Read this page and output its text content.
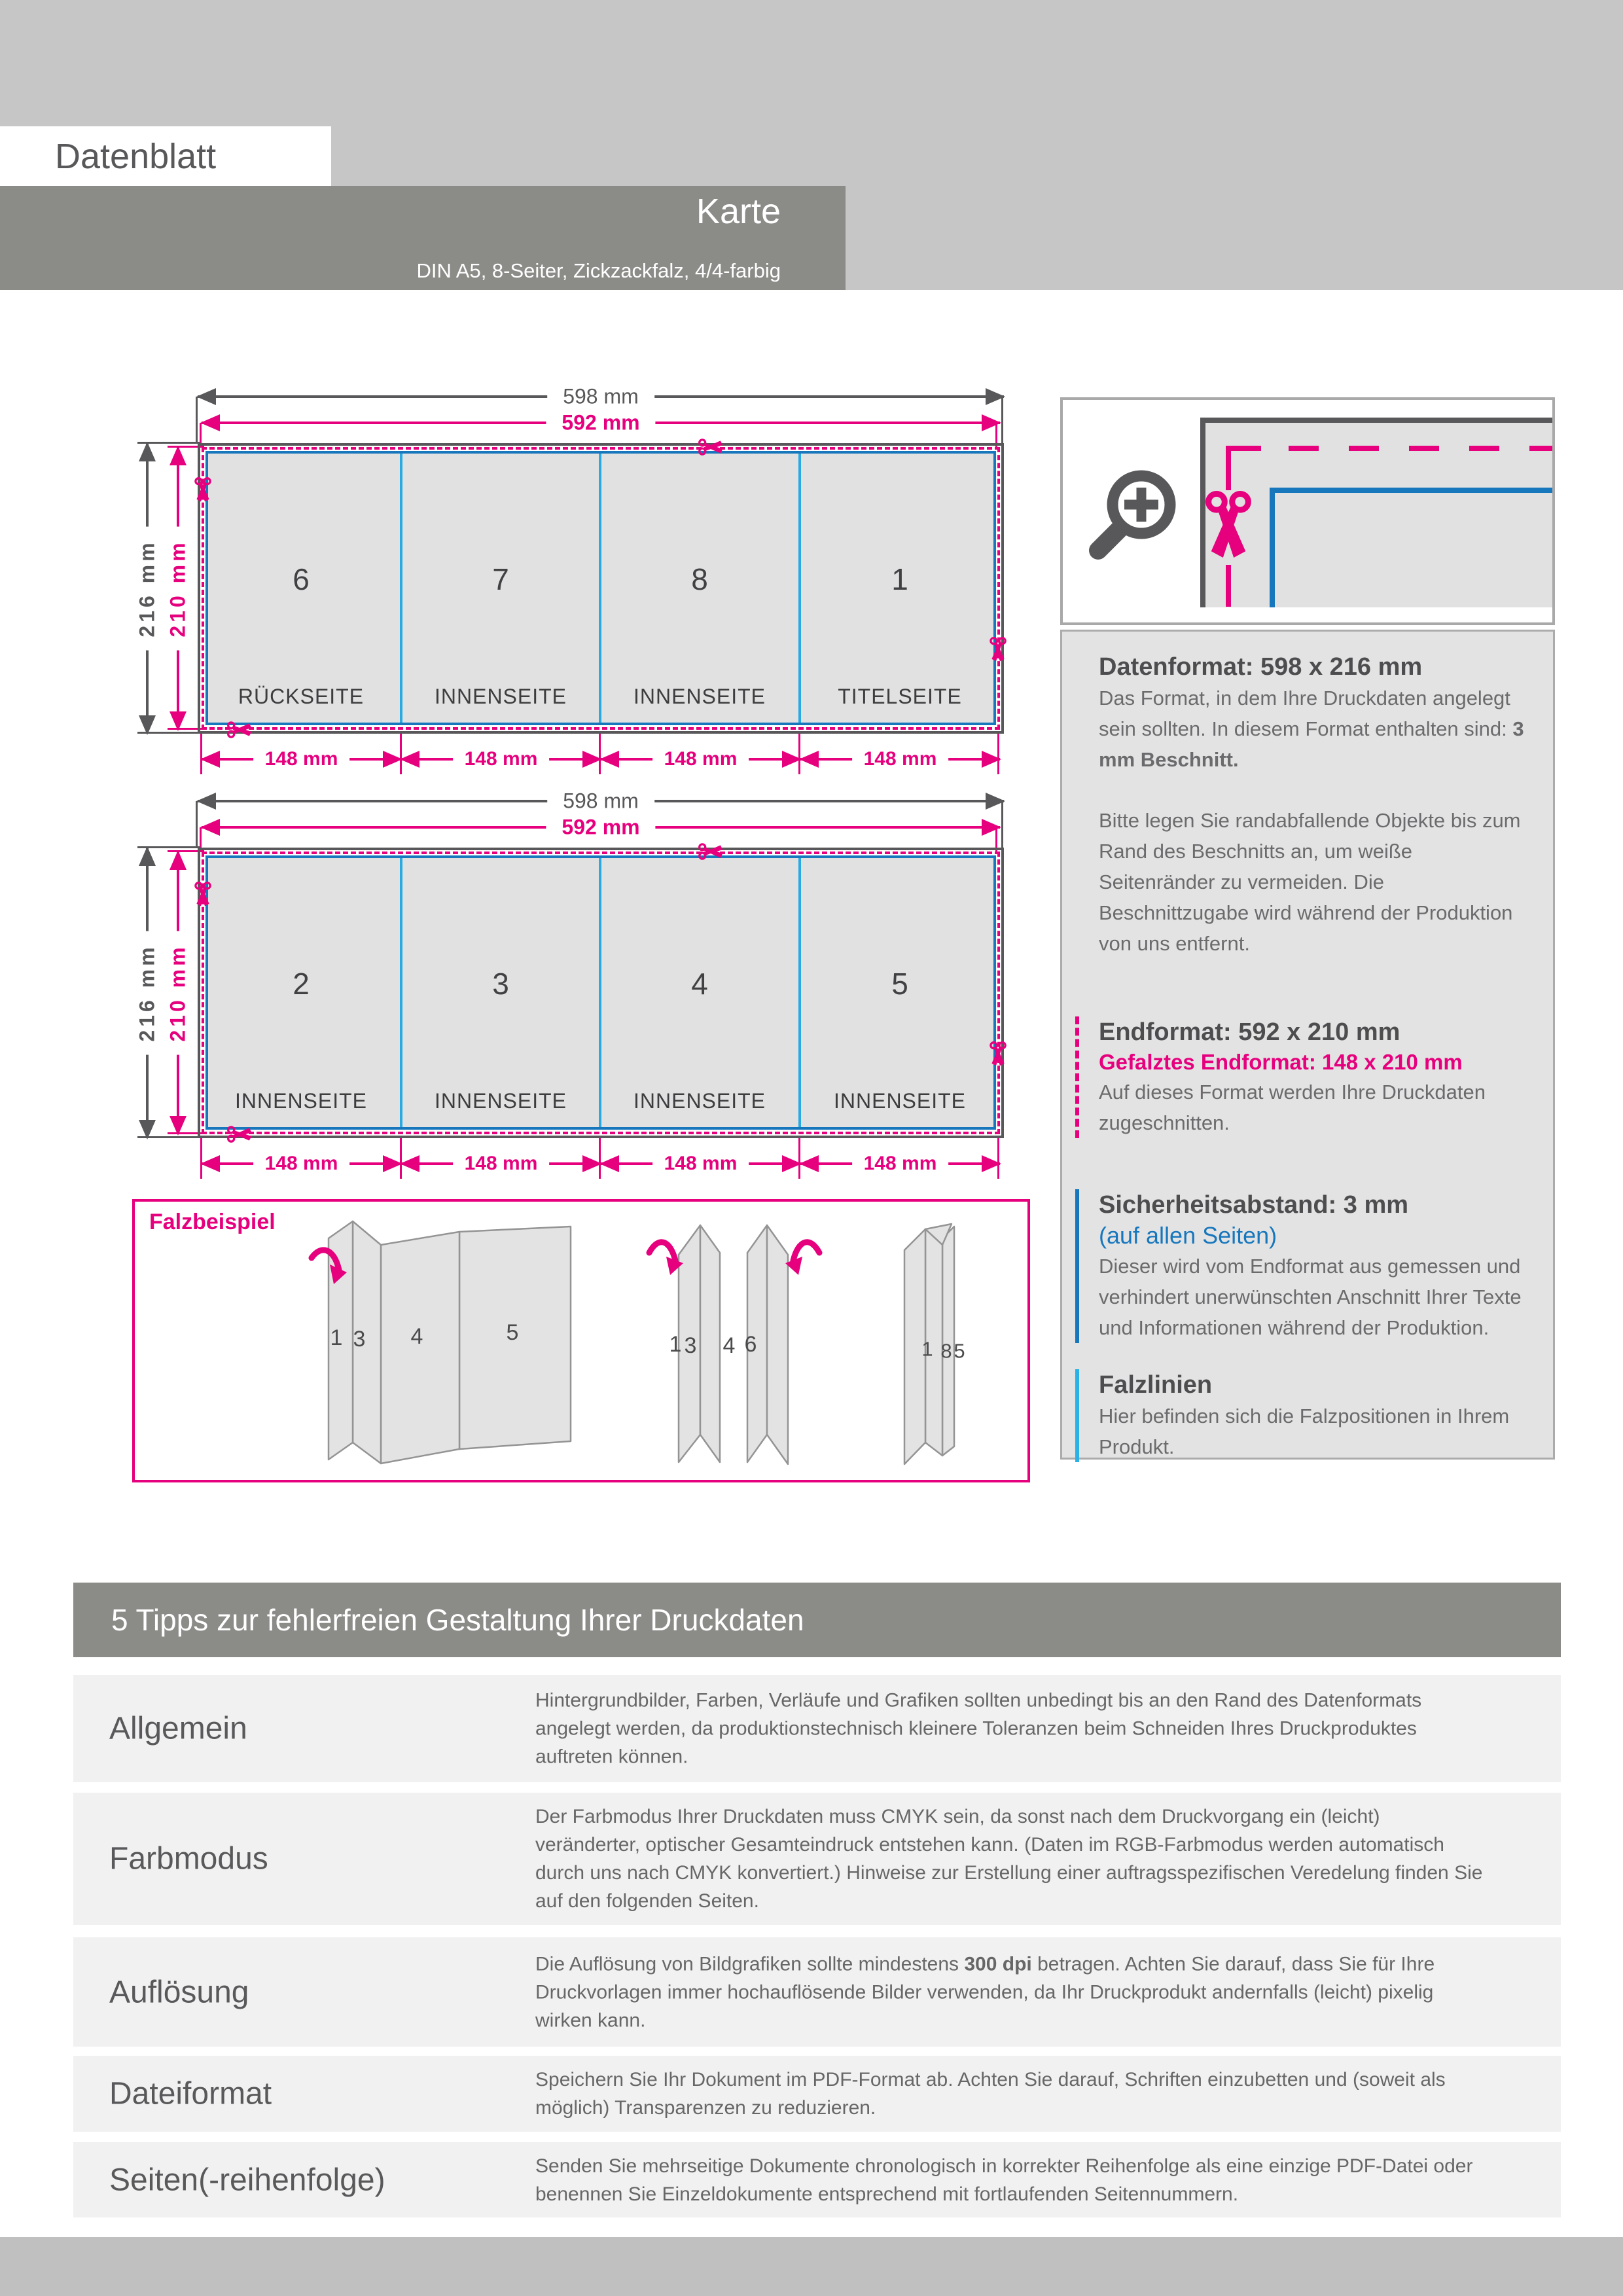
Datenblatt
Karte
DIN A5, 8-Seiter, Zickzackfalz, 4/4-farbig
598 mm
592 mm
216 mm 210 mm	6	7	8	1
RÜCKSEITE	INNENSEITE	INNENSEITE	TITELSEITE
148 mm	148 mm	148 mm	148 mm
598 mm
592 mm
216 mm 210 mm	2	3	4	5
INNENSEITE	INNENSEITE	INNENSEITE	INNENSEITE
148 mm	148 mm	148 mm	148 mm
Falzbeispiel
1 3 4	5	1 3 4 6	1 8 5
Datenformat: 598 x 216 mm

Das Format, in dem Ihre Druckdaten angelegt sein sollten. In diesem Format enthalten sind: 3 mm Beschnitt.

Bitte legen Sie randabfallende Objekte bis zum Rand des Beschnitts an, um weiße Seitenränder zu vermeiden. Die Beschnittzugabe wird während der Produktion von uns entfernt.

Endformat: 592 x 210 mm
Gefalztes Endformat: 148 x 210 mm

Auf dieses Format werden Ihre Druckdaten zugeschnitten.

Sicherheitsabstand: 3 mm
(auf allen Seiten)

Dieser wird vom Endformat aus gemessen und verhindert unerwünschten Anschnitt Ihrer Texte und Informationen während der Produktion.

Falzlinien

Hier befinden sich die Falzpositionen in Ihrem Produkt.

5 Tipps zur fehlerfreien Gestaltung Ihrer Druckdaten
Allgemein
Hintergrundbilder, Farben, Verläufe und Grafiken sollten unbedingt bis an den Rand des Datenformats angelegt werden, da produktionstechnisch kleinere Toleranzen beim Schneiden Ihres Druckproduktes auftreten können.
Farbmodus
Der Farbmodus Ihrer Druckdaten muss CMYK sein, da sonst nach dem Druckvorgang ein (leicht) veränderter, optischer Gesamteindruck entstehen kann. (Daten im RGB-Farbmodus werden automatisch durch uns nach CMYK konvertiert.) Hinweise zur Erstellung einer auftragsspezifischen Veredelung finden Sie auf den folgenden Seiten.
Auflösung
Die Auflösung von Bildgrafiken sollte mindestens 300 dpi betragen. Achten Sie darauf, dass Sie für Ihre Druckvorlagen immer hochauflösende Bilder verwenden, da Ihr Druckprodukt andernfalls (leicht) pixelig wirken kann.
Dateiformat	Speichern Sie Ihr Dokument im PDF-Format ab. Achten Sie darauf, Schriften einzubetten und (soweit als möglich) Transparenzen zu reduzieren.
Seiten(-reihenfolge)	Senden Sie mehrseitige Dokumente chronologisch in korrekter Reihenfolge als eine einzige PDF-Datei oder benennen Sie Einzeldokumente entsprechend mit fortlaufenden Seitennummern.
